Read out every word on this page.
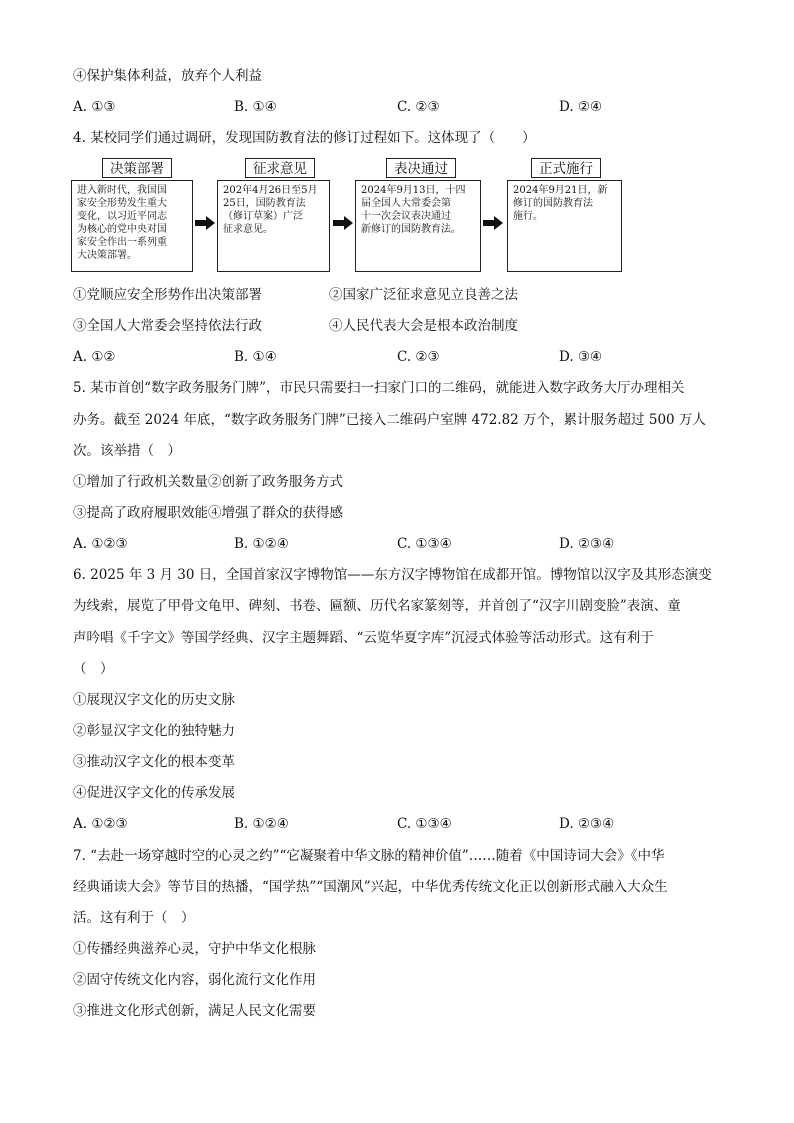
④保护集体利益，放弃个人利益
A. ①③	B. ①④	C. ②③	D. ②④
4. 某校同学们通过调研，发现国防教育法的修订过程如下。这体现了（　　）
决策部署
进入新时代，我国国
家安全形势发生重大
变化，以习近平同志
为核心的党中央对国
家安全作出一系列重
大决策部署。
征求意见
202年4月26日至5月
25日，国防教育法
（修订草案）广泛
征求意见。
表决通过
2024年9月13日，十四
届全国人大常委会第
十一次会议表决通过
新修订的国防教育法。
正式施行
2024年9月21日，新
修订的国防教育法
施行。
①党顺应安全形势作出决策部署	②国家广泛征求意见立良善之法
③全国人大常委会坚持依法行政	④人民代表大会是根本政治制度
A. ①②	B. ①④	C. ②③	D. ③④
5. 某市首创“数字政务服务门牌”，市民只需要扫一扫家门口的二维码，就能进入数字政务大厅办理相关
办务。截至 2024 年底，“数字政务服务门牌”已接入二维码户室牌 472.82 万个，累计服务超过 500 万人
次。该举措（　）
①增加了行政机关数量②创新了政务服务方式
③提高了政府履职效能④增强了群众的获得感
A. ①②③	B. ①②④	C. ①③④	D. ②③④
6. 2025 年 3 月 30 日，全国首家汉字博物馆——东方汉字博物馆在成都开馆。博物馆以汉字及其形态演变
为线索，展览了甲骨文龟甲、碑刻、书卷、匾额、历代名家篆刻等，并首创了“汉字川剧变脸”表演、童
声吟唱《千字文》等国学经典、汉字主题舞蹈、“云览华夏字库”沉浸式体验等活动形式。这有利于
（　）
①展现汉字文化的历史文脉
②彰显汉字文化的独特魅力
③推动汉字文化的根本变革
④促进汉字文化的传承发展
A. ①②③	B. ①②④	C. ①③④	D. ②③④
7. “去赴一场穿越时空的心灵之约”“它凝聚着中华文脉的精神价值”……随着《中国诗词大会》《中华
经典诵读大会》等节目的热播，“国学热”“国潮风”兴起，中华优秀传统文化正以创新形式融入大众生
活。这有利于（　）
①传播经典滋养心灵，守护中华文化根脉
②固守传统文化内容，弱化流行文化作用
③推进文化形式创新，满足人民文化需要
